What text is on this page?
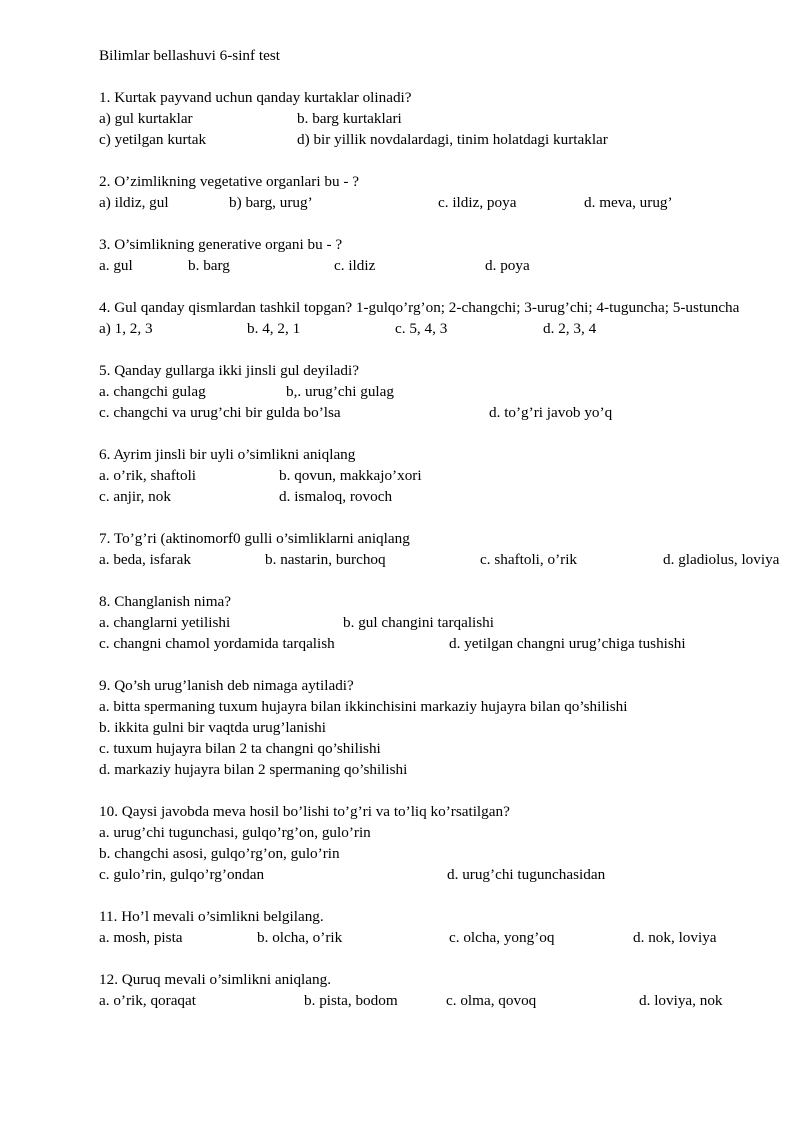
Bilimlar bellashuvi 6-sinf test
1. Kurtak payvand uchun qanday kurtaklar olinadi?
a) gul kurtaklar	b. barg kurtaklari
c) yetilgan kurtak	d) bir yillik novdalardagi, tinim holatdagi kurtaklar
2. O’zimlikning vegetative organlari bu - ?
a) ildiz, gul	b) barg, urug’	c. ildiz, poya	d. meva, urug’
3. O’simlikning generative organi bu - ?
a. gul	b. barg	c. ildiz	d. poya
4. Gul qanday qismlardan tashkil topgan? 1-gulqo’rg’on; 2-changchi; 3-urug’chi; 4-tuguncha; 5-ustuncha
a) 1, 2, 3	b. 4, 2, 1	c. 5, 4, 3	d. 2, 3, 4
5. Qanday gullarga ikki jinsli gul deyiladi?
a. changchi gulag	b,. urug’chi gulag
c. changchi va urug’chi bir gulda bo’lsa	d. to’g’ri javob yo’q
6. Ayrim jinsli bir uyli o’simlikni aniqlang
a. o’rik, shaftoli	b. qovun, makkajo’xori
c. anjir, nok	d. ismaloq, rovoch
7. To’g’ri (aktinomorf0 gulli o’simliklarni aniqlang
a. beda, isfarak	b. nastarin, burchoq	c. shaftoli, o’rik	d. gladiolus, loviya
8. Changlanish nima?
a. changlarni yetilishi	b. gul changini tarqalishi
c. changni chamol yordamida tarqalish	d. yetilgan changni urug’chiga tushishi
9. Qo’sh urug’lanish deb nimaga aytiladi?
a. bitta spermaning tuxum hujayra bilan ikkinchisini markaziy hujayra bilan qo’shilishi
b. ikkita gulni bir vaqtda urug’lanishi
c. tuxum hujayra bilan 2 ta changni qo’shilishi
d. markaziy hujayra bilan 2 spermaning qo’shilishi
10. Qaysi javobda meva hosil bo’lishi to’g’ri va to’liq ko’rsatilgan?
a. urug’chi tugunchasi, gulqo’rg’on, gulo’rin
b. changchi asosi, gulqo’rg’on, gulo’rin
c. gulo’rin, gulqo’rg’ondan	d. urug’chi tugunchasidan
11. Ho’l mevali o’simlikni belgilang.
a. mosh, pista	b. olcha, o’rik	c. olcha, yong’oq	d. nok, loviya
12. Quruq mevali o’simlikni aniqlang.
a. o’rik, qoraqat	b. pista, bodom	c. olma, qovoq	d. loviya, nok
